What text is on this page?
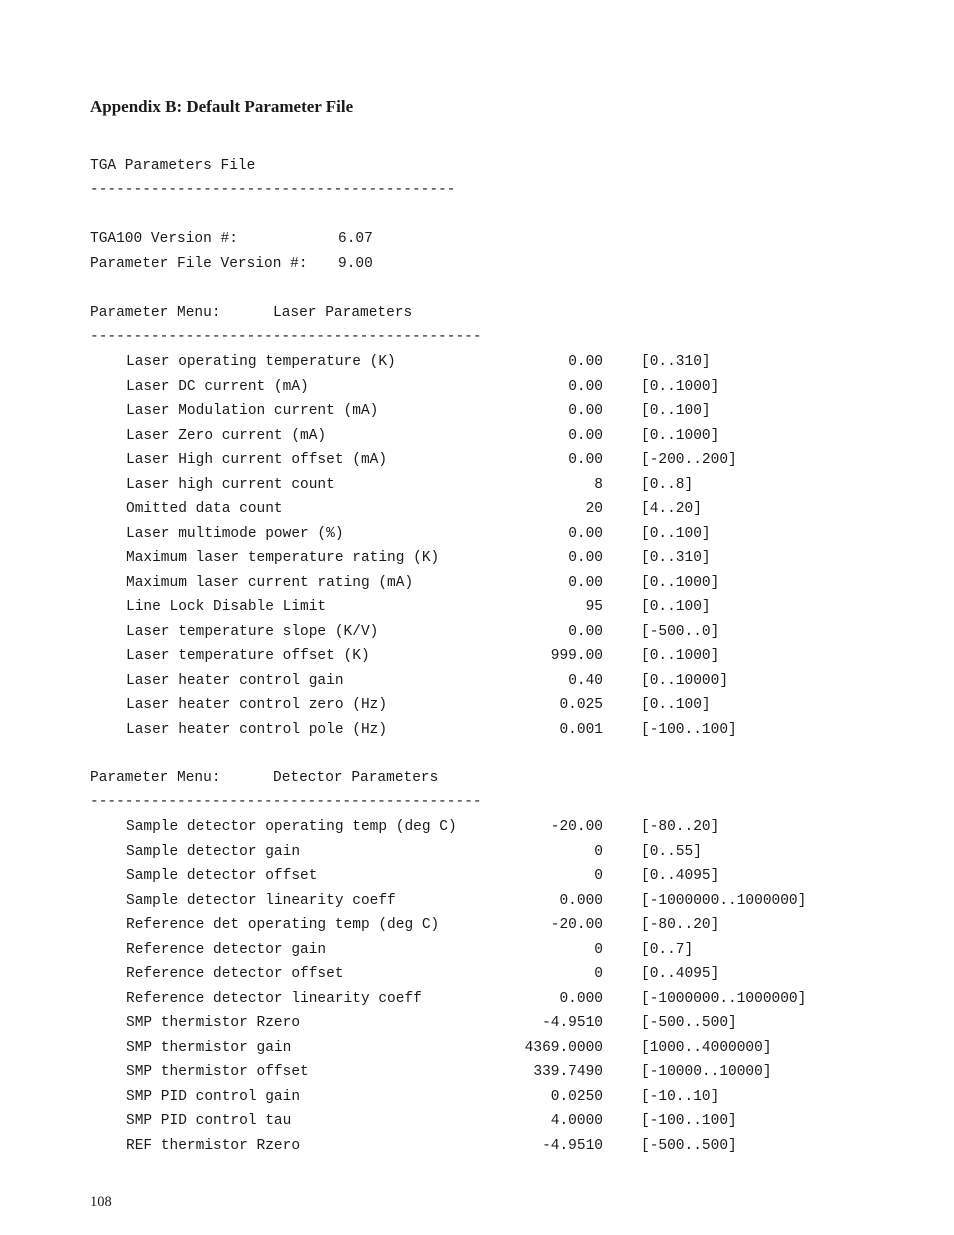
Appendix B: Default Parameter File
TGA Parameters File
------------------------------------------
TGA100 Version #:	6.07
Parameter File Version #: 9.00
Parameter Menu:	Laser Parameters
---------------------------------------------
Laser operating temperature (K)	0.00	[0..310]
Laser DC current (mA)	0.00	[0..1000]
Laser Modulation current (mA)	0.00	[0..100]
Laser Zero current (mA)	0.00	[0..1000]
Laser High current offset (mA)	0.00	[-200..200]
Laser high current count	8	[0..8]
Omitted data count	20	[4..20]
Laser multimode power (%)	0.00	[0..100]
Maximum laser temperature rating (K)	0.00	[0..310]
Maximum laser current rating (mA)	0.00	[0..1000]
Line Lock Disable Limit	95	[0..100]
Laser temperature slope (K/V)	0.00	[-500..0]
Laser temperature offset (K)	999.00	[0..1000]
Laser heater control gain	0.40	[0..10000]
Laser heater control zero (Hz)	0.025	[0..100]
Laser heater control pole (Hz)	0.001	[-100..100]
Parameter Menu:	Detector Parameters
---------------------------------------------
Sample detector operating temp (deg C)	-20.00	[-80..20]
Sample detector gain	0	[0..55]
Sample detector offset	0	[0..4095]
Sample detector linearity coeff	0.000	[-1000000..1000000]
Reference det operating temp (deg C)	-20.00	[-80..20]
Reference detector gain	0	[0..7]
Reference detector offset	0	[0..4095]
Reference detector linearity coeff	0.000	[-1000000..1000000]
SMP thermistor Rzero	-4.9510	[-500..500]
SMP thermistor gain	4369.0000	[1000..4000000]
SMP thermistor offset	339.7490	[-10000..10000]
SMP PID control gain	0.0250	[-10..10]
SMP PID control tau	4.0000	[-100..100]
REF thermistor Rzero	-4.9510	[-500..500]
108
